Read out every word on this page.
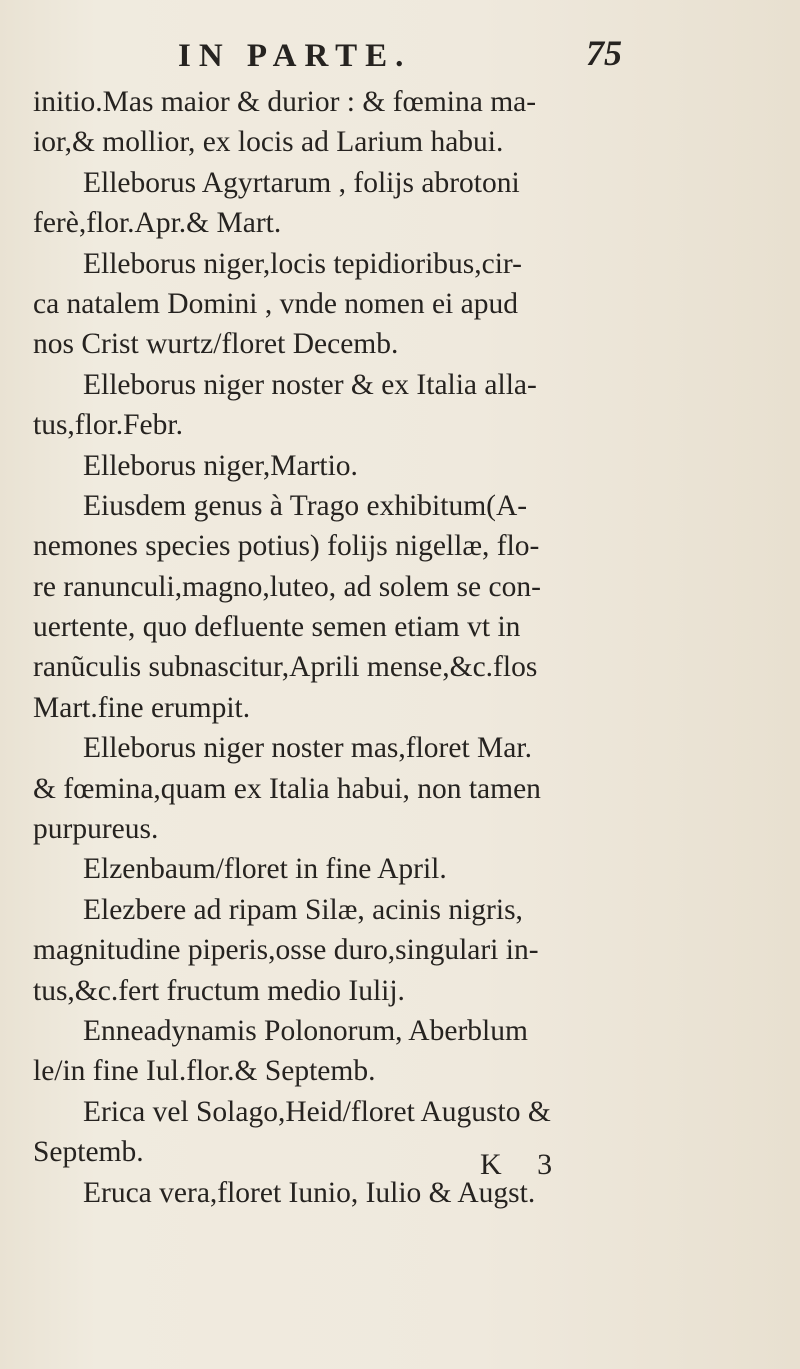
IN PARTE.	75
initio.Mas maior & durior : & fœmina ma-
ior,& mollior, ex locis ad Larium habui.
Elleborus Agyrtarum , folijs abrotoni
ferè,flor.Apr.& Mart.
Elleborus niger,locis tepidioribus,cir-
ca natalem Domini , vnde nomen ei apud
nos Crist wurtz/floret Decemb.
Elleborus niger noster & ex Italia alla-
tus,flor.Febr.
Elleborus niger,Martio.
Eiusdem genus à Trago exhibitum(A-
nemones species potius) folijs nigellæ, flo-
re ranunculi,magno,luteo, ad solem se con-
uertente, quo defluente semen etiam vt in
ranũculis subnascitur,Aprili mense,&c.flos
Mart.fine erumpit.
Elleborus niger noster mas,floret Mar.
& fœmina,quam ex Italia habui, non tamen
purpureus.
Elzenbaum/floret in fine April.
Elezbere ad ripam Silæ, acinis nigris,
magnitudine piperis,osse duro,singulari in-
tus,&c.fert fructum medio Iulij.
Enneadynamis Polonorum, Aberblum
le/in fine Iul.flor.& Septemb.
Erica vel Solago,Heid/floret Augusto &
Septemb.
Eruca vera,floret Iunio, Iulio & Augst.
K 3
